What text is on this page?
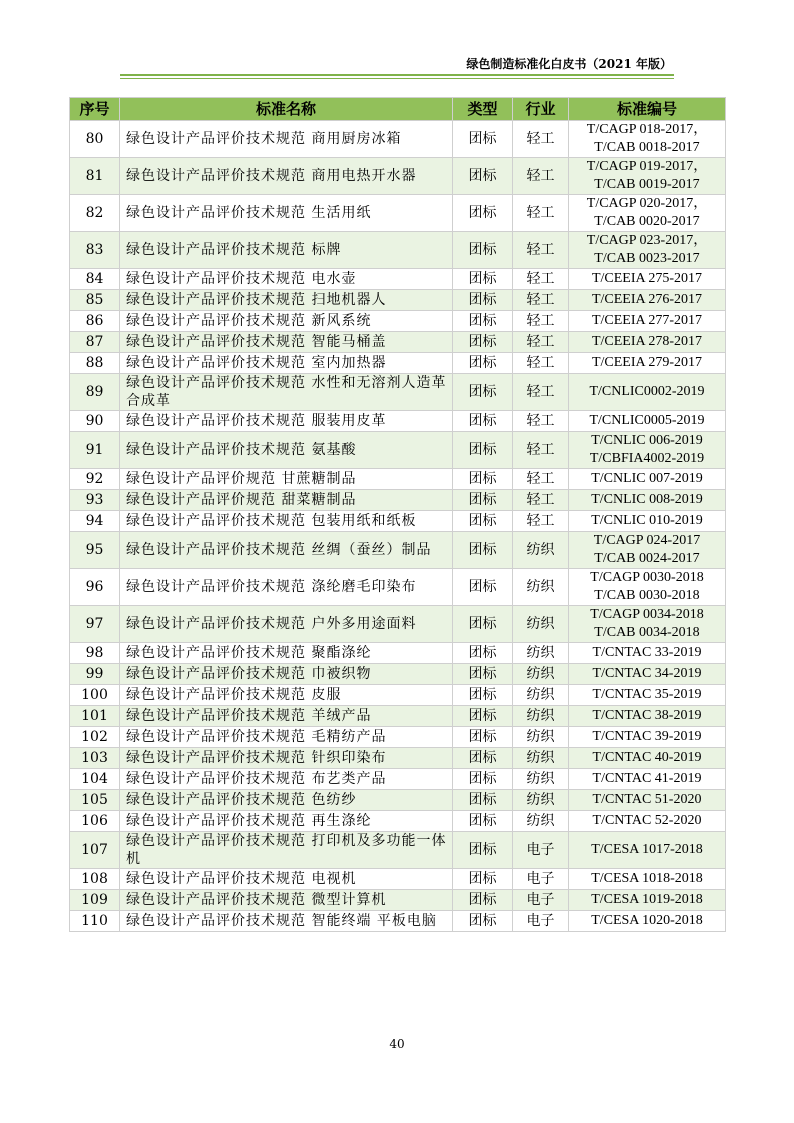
绿色制造标准化白皮书（2021 年版）
序号	标准名称	类型	行业	标准编号
80	绿色设计产品评价技术规范 商用厨房冰箱	团标	轻工	T/CAGP 018-2017，
T/CAB 0018-2017
81	绿色设计产品评价技术规范 商用电热开水器	团标	轻工	T/CAGP 019-2017，
T/CAB 0019-2017
82	绿色设计产品评价技术规范 生活用纸	团标	轻工	T/CAGP 020-2017，
T/CAB 0020-2017
83	绿色设计产品评价技术规范 标牌	团标	轻工	T/CAGP 023-2017，
T/CAB 0023-2017
84	绿色设计产品评价技术规范 电水壶	团标	轻工	T/CEEIA 275-2017
85	绿色设计产品评价技术规范 扫地机器人	团标	轻工	T/CEEIA 276-2017
86	绿色设计产品评价技术规范 新风系统	团标	轻工	T/CEEIA 277-2017
87	绿色设计产品评价技术规范 智能马桶盖	团标	轻工	T/CEEIA 278-2017
88	绿色设计产品评价技术规范 室内加热器	团标	轻工	T/CEEIA 279-2017
89	绿色设计产品评价技术规范 水性和无溶剂人造革合成革	团标	轻工	T/CNLIC0002-2019
90	绿色设计产品评价技术规范 服装用皮革	团标	轻工	T/CNLIC0005-2019
91	绿色设计产品评价技术规范 氨基酸	团标	轻工	T/CNLIC 006-2019
T/CBFIA4002-2019
92	绿色设计产品评价规范 甘蔗糖制品	团标	轻工	T/CNLIC 007-2019
93	绿色设计产品评价规范 甜菜糖制品	团标	轻工	T/CNLIC 008-2019
94	绿色设计产品评价技术规范 包装用纸和纸板	团标	轻工	T/CNLIC 010-2019
95	绿色设计产品评价技术规范 丝绸（蚕丝）制品	团标	纺织	T/CAGP 024-2017
T/CAB 0024-2017
96	绿色设计产品评价技术规范 涤纶磨毛印染布	团标	纺织	T/CAGP 0030-2018
T/CAB 0030-2018
97	绿色设计产品评价技术规范 户外多用途面料	团标	纺织	T/CAGP 0034-2018
T/CAB 0034-2018
98	绿色设计产品评价技术规范 聚酯涤纶	团标	纺织	T/CNTAC 33-2019
99	绿色设计产品评价技术规范 巾被织物	团标	纺织	T/CNTAC 34-2019
100	绿色设计产品评价技术规范 皮服	团标	纺织	T/CNTAC 35-2019
101	绿色设计产品评价技术规范 羊绒产品	团标	纺织	T/CNTAC 38-2019
102	绿色设计产品评价技术规范 毛精纺产品	团标	纺织	T/CNTAC 39-2019
103	绿色设计产品评价技术规范 针织印染布	团标	纺织	T/CNTAC 40-2019
104	绿色设计产品评价技术规范 布艺类产品	团标	纺织	T/CNTAC 41-2019
105	绿色设计产品评价技术规范 色纺纱	团标	纺织	T/CNTAC 51-2020
106	绿色设计产品评价技术规范 再生涤纶	团标	纺织	T/CNTAC 52-2020
107	绿色设计产品评价技术规范 打印机及多功能一体机	团标	电子	T/CESA 1017-2018
108	绿色设计产品评价技术规范 电视机	团标	电子	T/CESA 1018-2018
109	绿色设计产品评价技术规范 微型计算机	团标	电子	T/CESA 1019-2018
110	绿色设计产品评价技术规范 智能终端 平板电脑	团标	电子	T/CESA 1020-2018
40
